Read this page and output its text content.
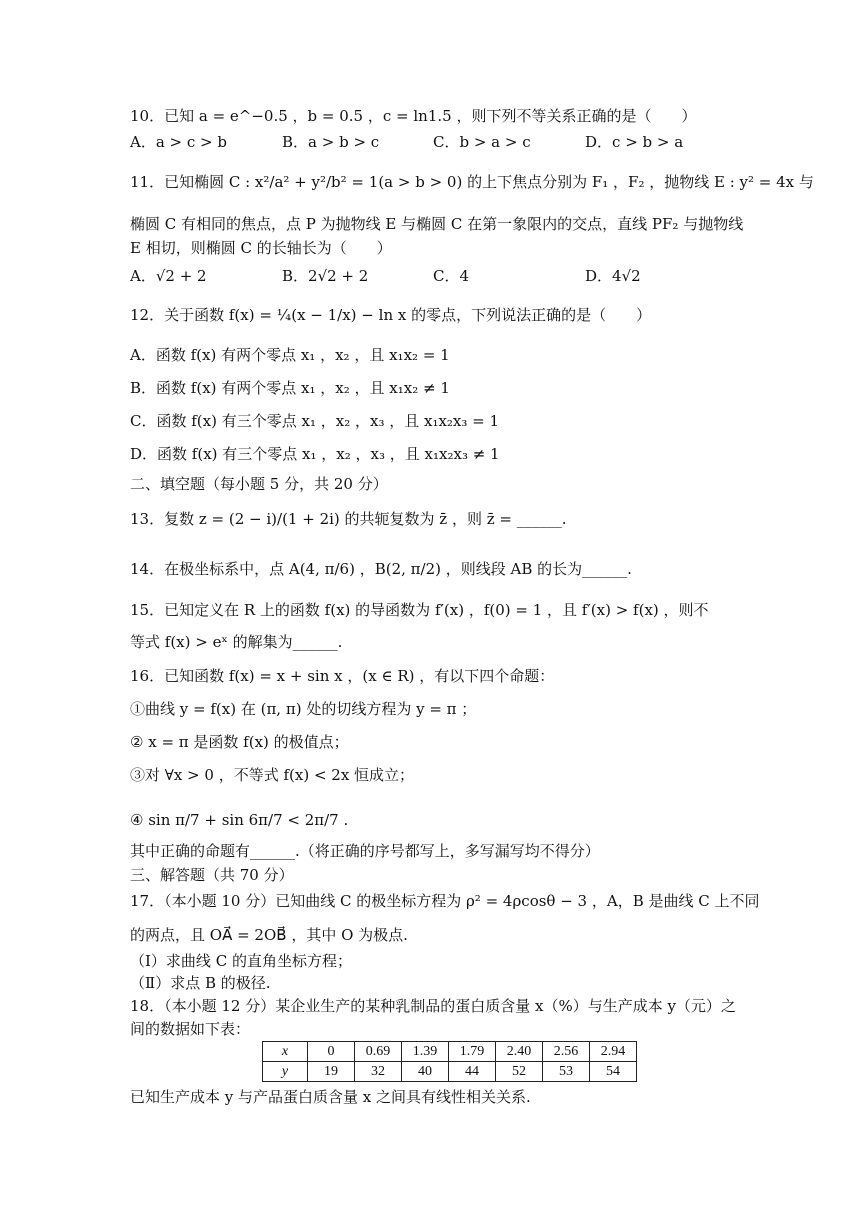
10．已知 a = e^−0.5 ，b = 0.5 ，c = ln1.5 ，则下列不等关系正确的是（　　）
A．a > c > b	B．a > b > c	C．b > a > c	D．c > b > a
11．已知椭圆 C : x²/a² + y²/b² = 1(a > b > 0) 的上下焦点分别为 F₁ ，F₂ ，抛物线 E : y² = 4x 与
椭圆 C 有相同的焦点，点 P 为抛物线 E 与椭圆 C 在第一象限内的交点，直线 PF₂ 与抛物线
E 相切，则椭圆 C 的长轴长为（　　）
A．√2 + 2	B．2√2 + 2	C．4	D．4√2
12．关于函数 f(x) = ¼(x − 1/x) − ln x 的零点，下列说法正确的是（　　）
A．函数 f(x) 有两个零点 x₁ ，x₂ ，且 x₁x₂ = 1
B．函数 f(x) 有两个零点 x₁ ，x₂ ，且 x₁x₂ ≠ 1
C．函数 f(x) 有三个零点 x₁ ，x₂ ，x₃ ，且 x₁x₂x₃ = 1
D．函数 f(x) 有三个零点 x₁ ，x₂ ，x₃ ，且 x₁x₂x₃ ≠ 1
二、填空题（每小题 5 分，共 20 分）
13．复数 z = (2 − i)/(1 + 2i) 的共轭复数为 z̄ ，则 z̄ = ______.
14．在极坐标系中，点 A(4, π/6) ，B(2, π/2) ，则线段 AB 的长为______.
15．已知定义在 R 上的函数 f(x) 的导函数为 f′(x) ，f(0) = 1 ，且 f′(x) > f(x) ，则不
等式 f(x) > eˣ 的解集为______.
16．已知函数 f(x) = x + sin x ，(x ∈ R) ，有以下四个命题：
①曲线 y = f(x) 在 (π, π) 处的切线方程为 y = π ；
② x = π 是函数 f(x) 的极值点；
③对 ∀x > 0 ，不等式 f(x) < 2x 恒成立；
④ sin π/7 + sin 6π/7 < 2π/7 .
其中正确的命题有______.（将正确的序号都写上，多写漏写均不得分）
三、解答题（共 70 分）
17．（本小题 10 分）已知曲线 C 的极坐标方程为 ρ² = 4ρcosθ − 3 ，A，B 是曲线 C 上不同
的两点，且 OA⃗ = 2OB⃗ ，其中 O 为极点.
（Ⅰ）求曲线 C 的直角坐标方程；
（Ⅱ）求点 B 的极径.
18．（本小题 12 分）某企业生产的某种乳制品的蛋白质含量 x（%）与生产成本 y（元）之
间的数据如下表：
x	0	0.69	1.39	1.79	2.40	2.56	2.94
y	19	32	40	44	52	53	54
已知生产成本 y 与产品蛋白质含量 x 之间具有线性相关关系.
